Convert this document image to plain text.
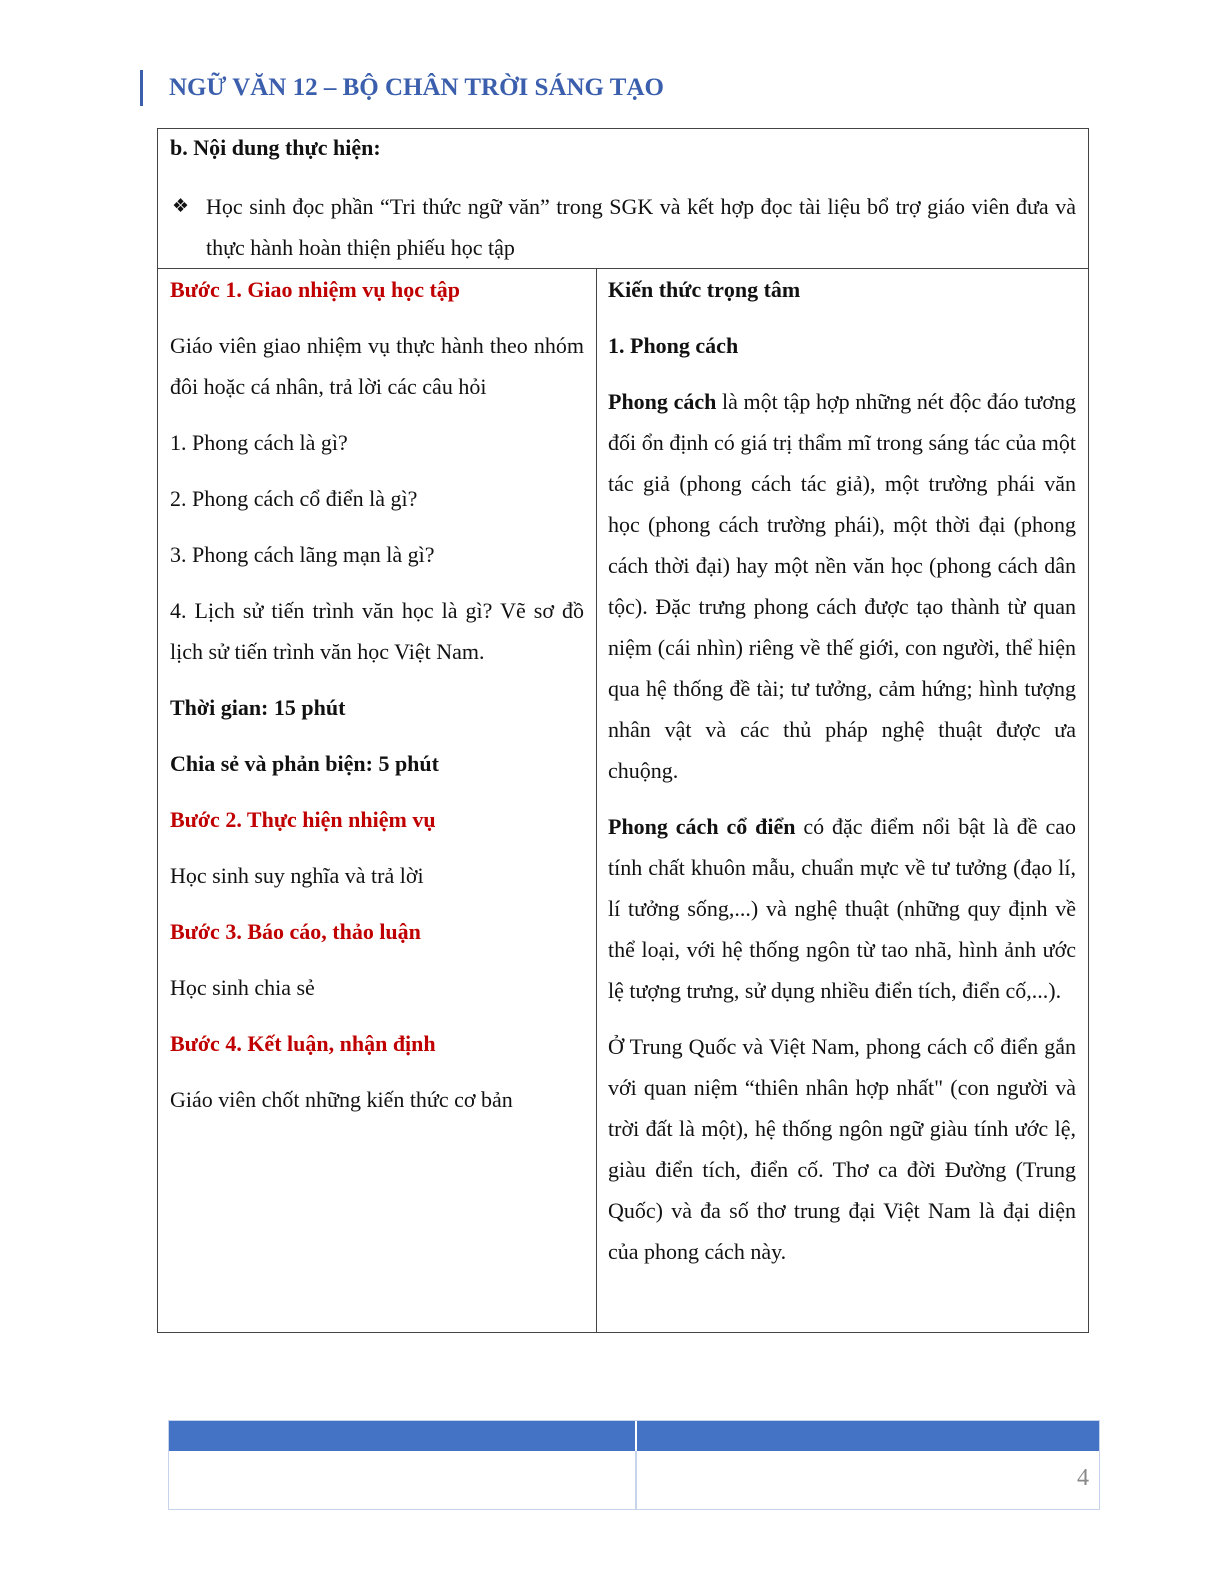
NGỮ VĂN 12 – BỘ CHÂN TRỜI SÁNG TẠO
b. Nội dung thực hiện:
❖ Học sinh đọc phần “Tri thức ngữ văn” trong SGK và kết hợp đọc tài liệu bổ trợ giáo viên đưa và thực hành hoàn thiện phiếu học tập

Bước 1. Giao nhiệm vụ học tập

Giáo viên giao nhiệm vụ thực hành theo nhóm đôi hoặc cá nhân, trả lời các câu hỏi

1. Phong cách là gì?

2. Phong cách cổ điển là gì?

3. Phong cách lãng mạn là gì?

4. Lịch sử tiến trình văn học là gì? Vẽ sơ đồ lịch sử tiến trình văn học Việt Nam.

Thời gian: 15 phút

Chia sẻ và phản biện: 5 phút

Bước 2. Thực hiện nhiệm vụ

Học sinh suy nghĩa và trả lời

Bước 3. Báo cáo, thảo luận

Học sinh chia sẻ

Bước 4. Kết luận, nhận định

Giáo viên chốt những kiến thức cơ bản

Kiến thức trọng tâm

1. Phong cách

Phong cách là một tập hợp những nét độc đáo tương đối ổn định có giá trị thẩm mĩ trong sáng tác của một tác giả (phong cách tác giả), một trường phái văn học (phong cách trường phái), một thời đại (phong cách thời đại) hay một nền văn học (phong cách dân tộc). Đặc trưng phong cách được tạo thành từ quan niệm (cái nhìn) riêng về thế giới, con người, thể hiện qua hệ thống đề tài; tư tưởng, cảm hứng; hình tượng nhân vật và các thủ pháp nghệ thuật được ưa chuộng.

Phong cách cổ điển có đặc điểm nổi bật là đề cao tính chất khuôn mẫu, chuẩn mực về tư tưởng (đạo lí, lí tưởng sống,...) và nghệ thuật (những quy định về thể loại, với hệ thống ngôn từ tao nhã, hình ảnh ước lệ tượng trưng, sử dụng nhiều điển tích, điển cố,...).

Ở Trung Quốc và Việt Nam, phong cách cổ điển gắn với quan niệm “thiên nhân hợp nhất" (con người và trời đất là một), hệ thống ngôn ngữ giàu tính ước lệ, giàu điển tích, điển cố. Thơ ca đời Đường (Trung Quốc) và đa số thơ trung đại Việt Nam là đại diện của phong cách này.

4
